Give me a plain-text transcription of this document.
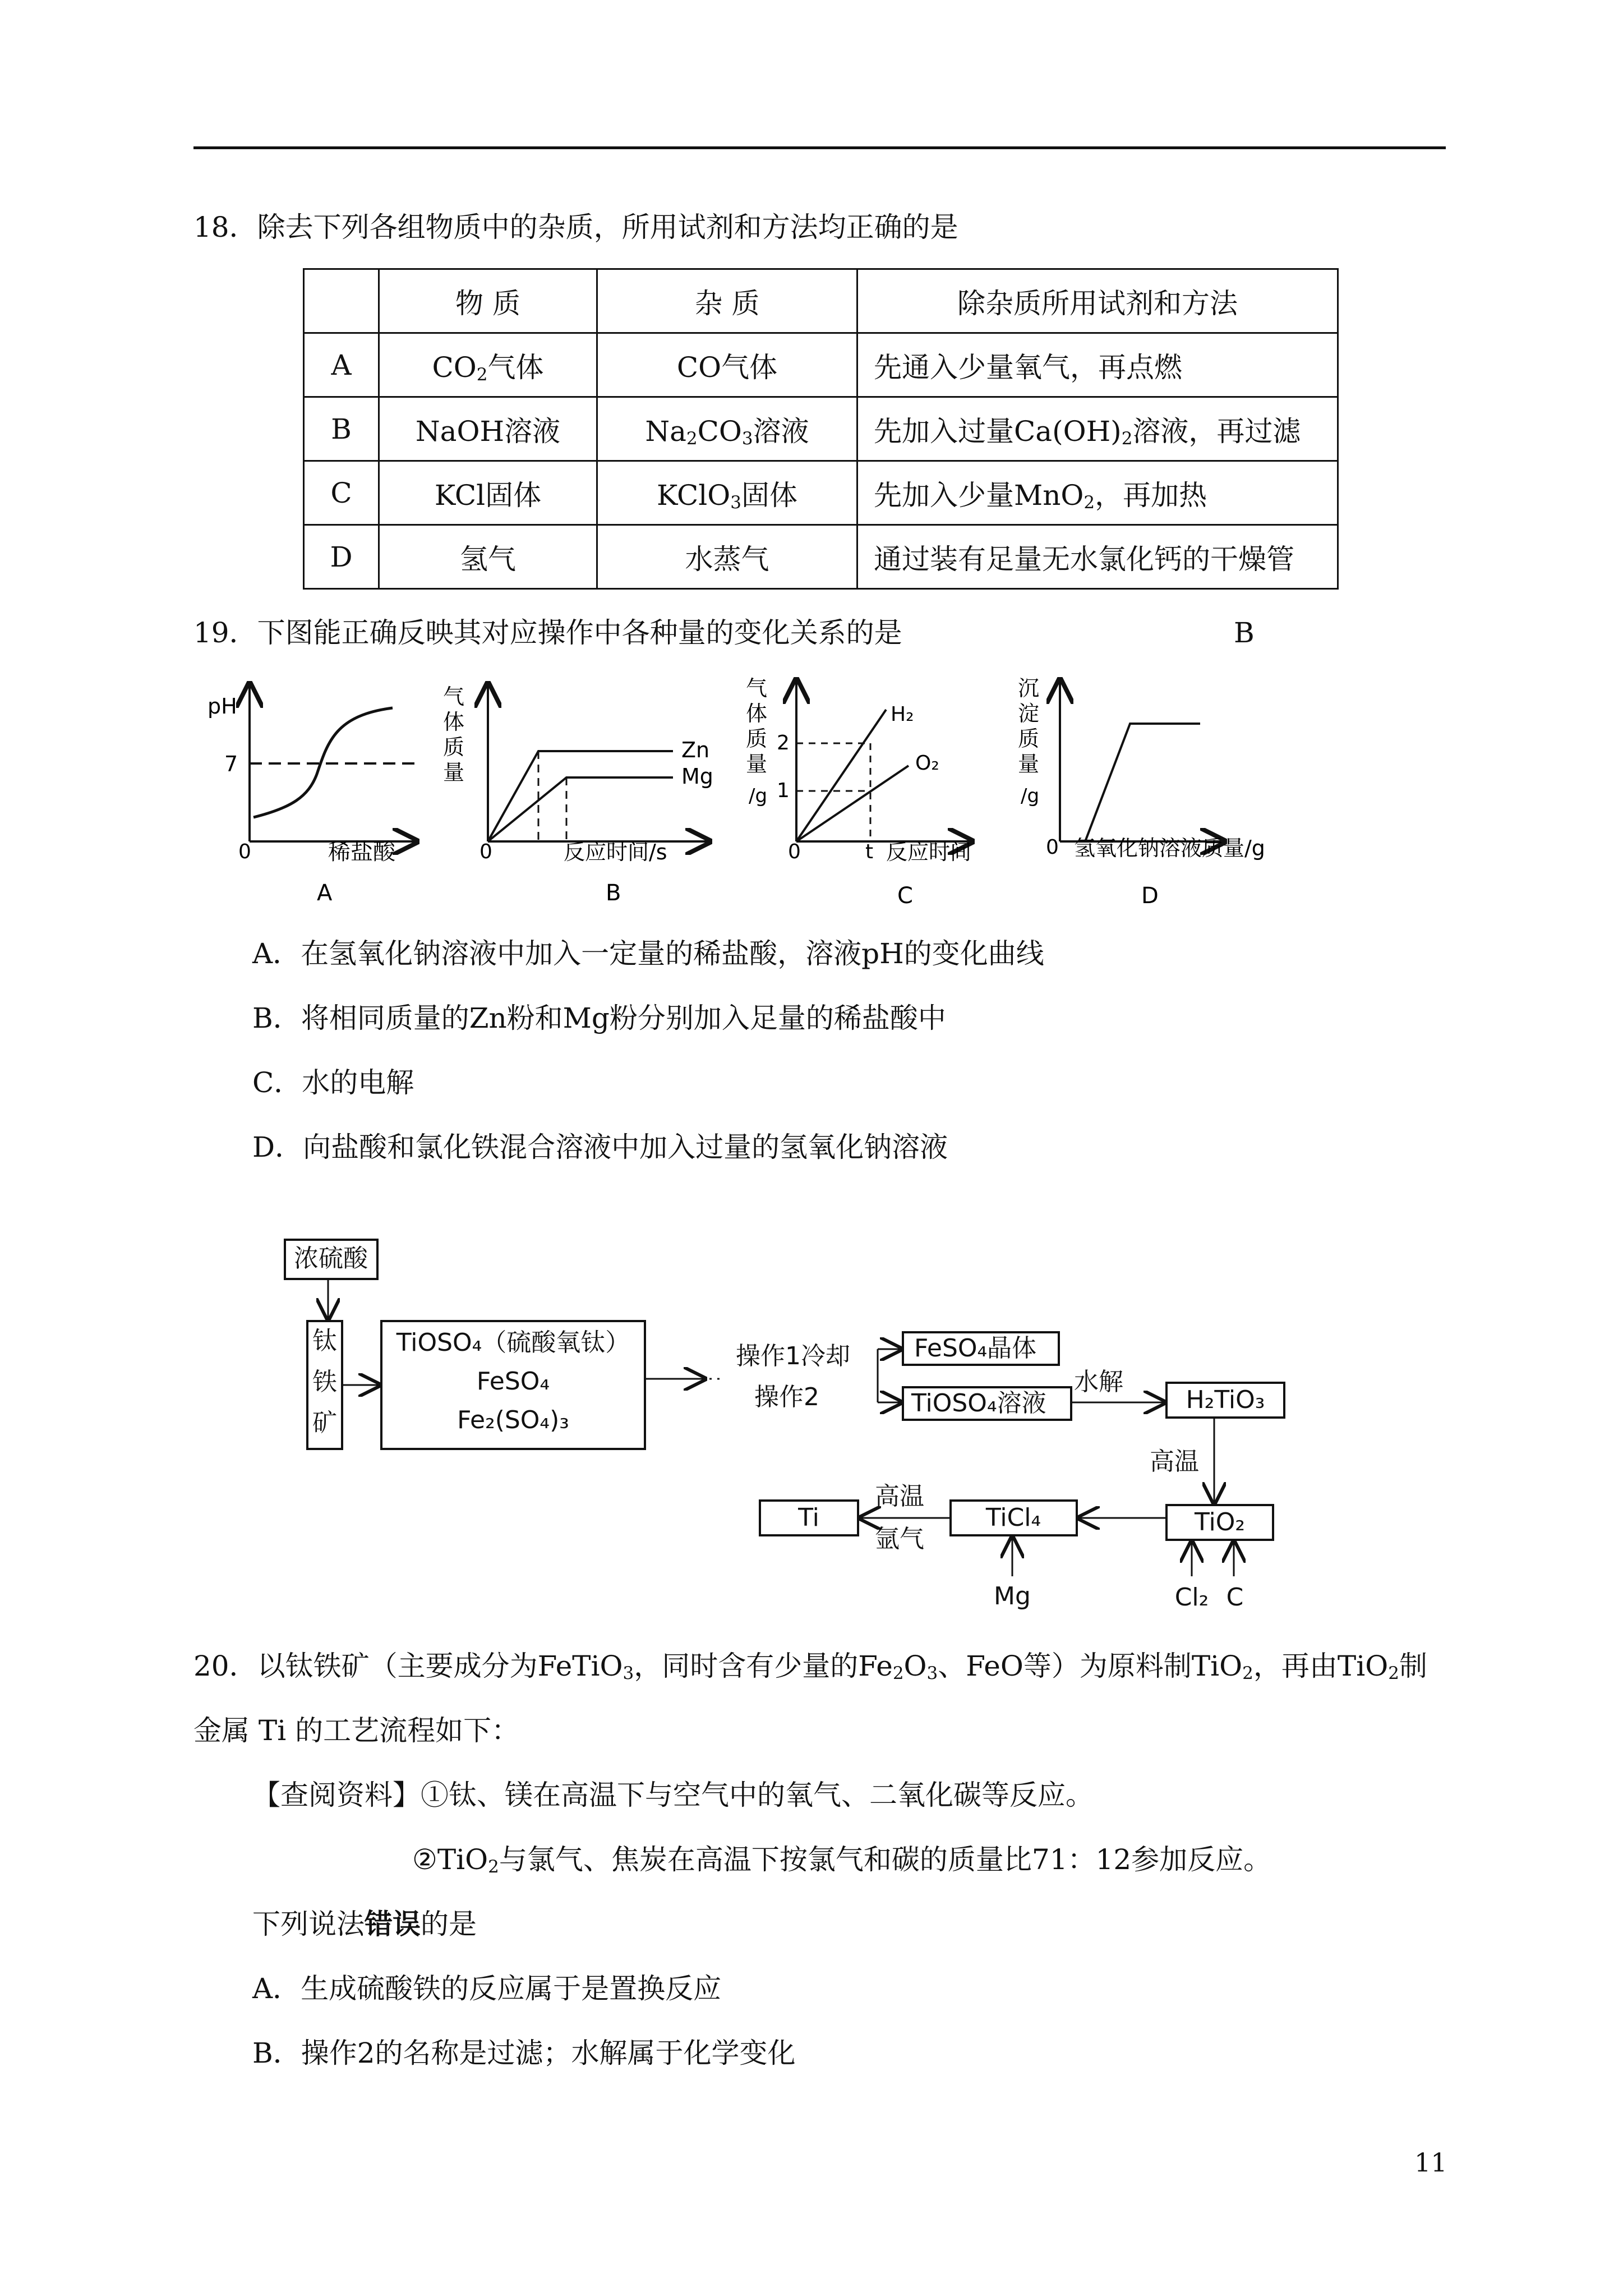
18．除去下列各组物质中的杂质，所用试剂和方法均正确的是
	物 质	杂 质	除杂质所用试剂和方法
A	$CO_2$气体	CO气体	先通入少量氧气，再点燃
B	NaOH溶液	$Na_2CO_3$溶液	先加入过量$Ca(OH)_2$溶液，再过滤
C	KCl固体	KClO$_3$固体	先加入少量MnO$_2$，再加热
D	氢气	水蒸气	通过装有足量无水氯化钙的干燥管
19．下图能正确反映其对应操作中各种量的变化关系的是	B
pH
7
0	稀盐酸
A
气
体
质
量
0	反应时间/s
Zn
Mg
B
气
体
质
量
/g
2
1
0	t 反应时间
H₂
O₂
C
沉
淀
质
量
/g
0 氢氧化钠溶液质量/g
D
A．在氢氧化钠溶液中加入一定量的稀盐酸，溶液pH的变化曲线
B．将相同质量的Zn粉和Mg粉分别加入足量的稀盐酸中
C．水的电解
D．向盐酸和氯化铁混合溶液中加入过量的氢氧化钠溶液
浓硫酸
钛
铁
矿
TiOSO₄（硫酸氧钛）
FeSO₄
Fe₂(SO₄)₃
操作1冷却
操作2
FeSO₄晶体
TiOSO₄溶液
水解
H₂TiO₃
高温
TiO₂
TiCl₄
Ti
高温
氩气
Mg	Cl₂ C
20．以钛铁矿（主要成分为FeTiO$_3$，同时含有少量的$Fe_2O_3$、FeO等）为原料制TiO$_2$，再由TiO$_2$制
金属 Ti 的工艺流程如下：
【查阅资料】①钛、镁在高温下与空气中的氧气、二氧化碳等反应。
②TiO$_2$与氯气、焦炭在高温下按氯气和碳的质量比71：12参加反应。
下列说法错误的是
A．生成硫酸铁的反应属于是置换反应
B．操作2的名称是过滤；水解属于化学变化
11
